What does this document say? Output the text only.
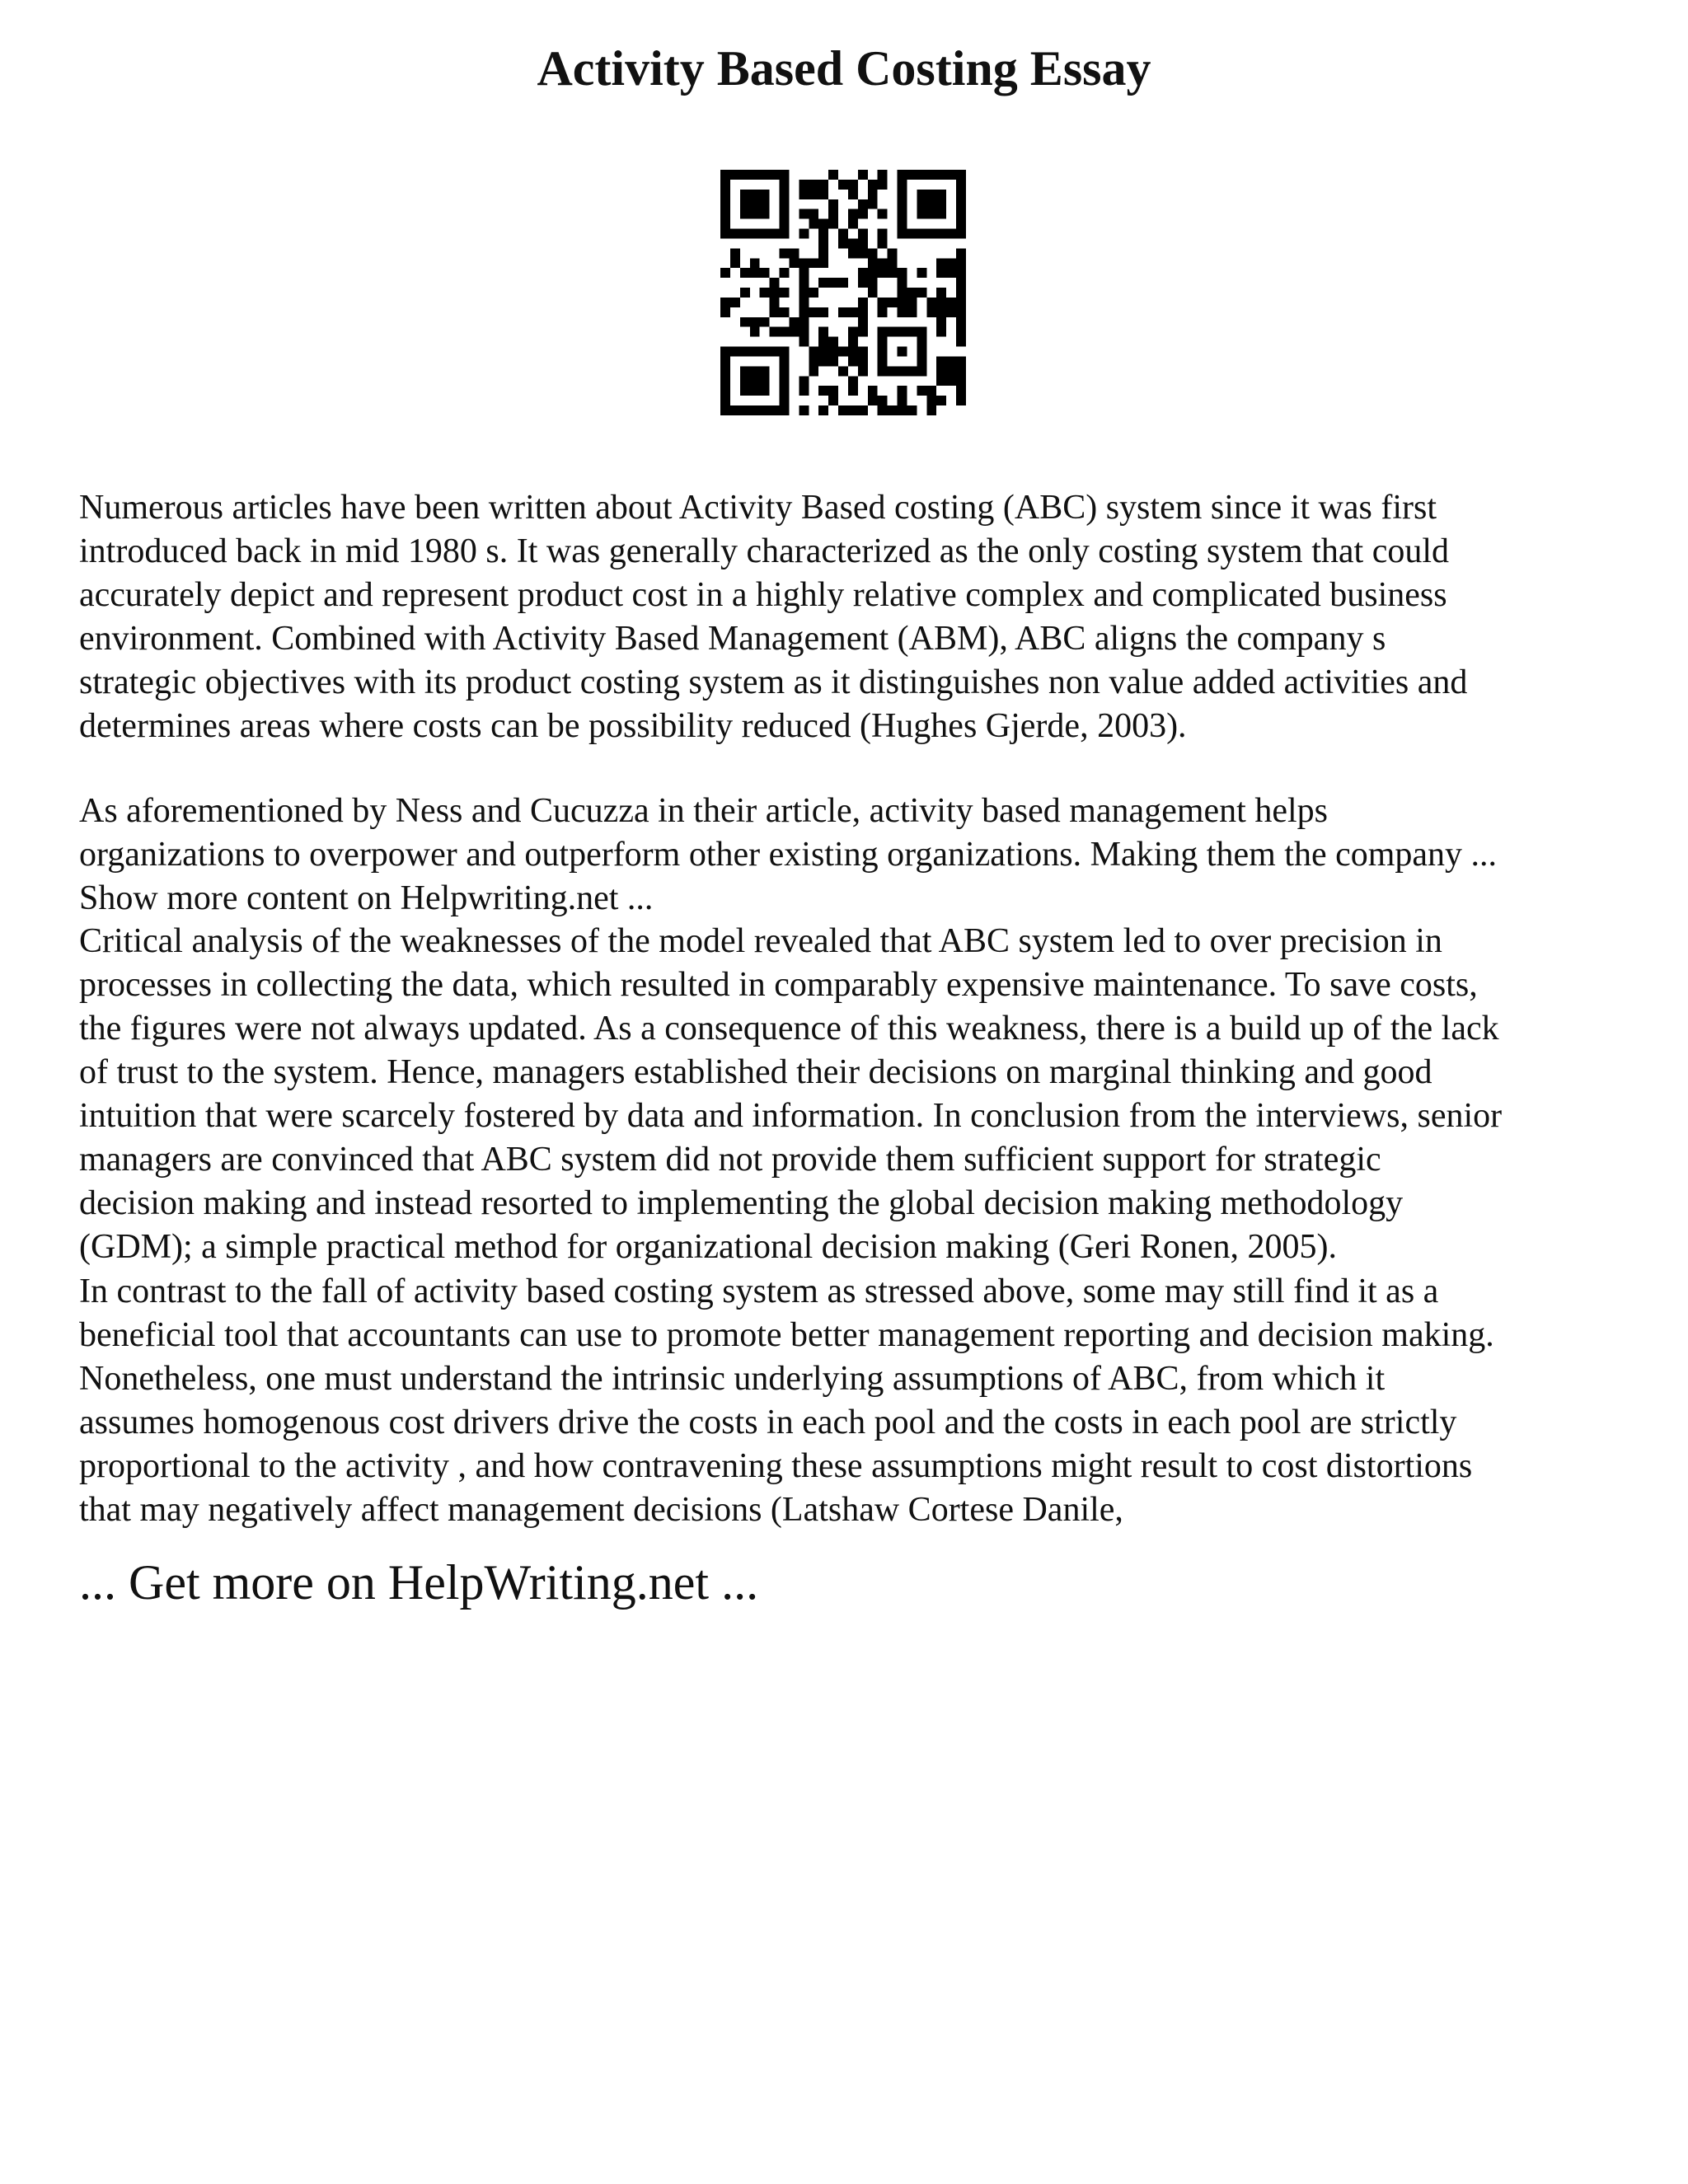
Activity Based Costing Essay

Numerous articles have been written about Activity Based costing (ABC) system since it was first
introduced back in mid 1980 s. It was generally characterized as the only costing system that could
accurately depict and represent product cost in a highly relative complex and complicated business
environment. Combined with Activity Based Management (ABM), ABC aligns the company s
strategic objectives with its product costing system as it distinguishes non value added activities and
determines areas where costs can be possibility reduced (Hughes Gjerde, 2003).

As aforementioned by Ness and Cucuzza in their article, activity based management helps
organizations to overpower and outperform other existing organizations. Making them the company ...
Show more content on Helpwriting.net ...

Critical analysis of the weaknesses of the model revealed that ABC system led to over precision in
processes in collecting the data, which resulted in comparably expensive maintenance. To save costs,
the figures were not always updated. As a consequence of this weakness, there is a build up of the lack
of trust to the system. Hence, managers established their decisions on marginal thinking and good
intuition that were scarcely fostered by data and information. In conclusion from the interviews, senior
managers are convinced that ABC system did not provide them sufficient support for strategic
decision making and instead resorted to implementing the global decision making methodology
(GDM); a simple practical method for organizational decision making (Geri Ronen, 2005).

In contrast to the fall of activity based costing system as stressed above, some may still find it as a
beneficial tool that accountants can use to promote better management reporting and decision making.
Nonetheless, one must understand the intrinsic underlying assumptions of ABC, from which it
assumes homogenous cost drivers drive the costs in each pool and the costs in each pool are strictly
proportional to the activity , and how contravening these assumptions might result to cost distortions
that may negatively affect management decisions (Latshaw Cortese Danile,

... Get more on HelpWriting.net ...
